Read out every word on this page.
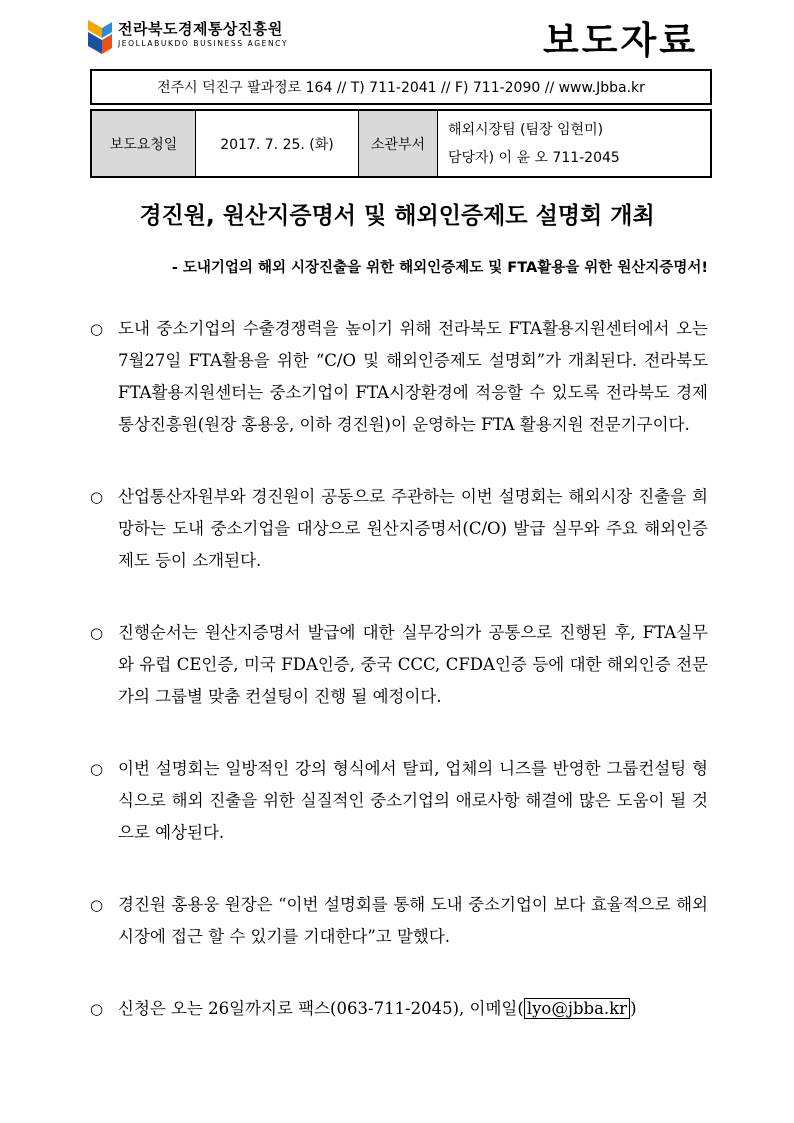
전라북도경제통상진흥원
JEOLLABUKDO BUSINESS AGENCY	보도자료
전주시 덕진구 팔과정로 164 // T) 711-2041 // F) 711-2090 // www.Jbba.kr
보도요청일	2017. 7. 25. (화)	소관부서
해외시장팀 (팀장 임현미)
담당자) 이 윤 오 711-2045
경진원, 원산지증명서 및 해외인증제도 설명회 개최
- 도내기업의 해외 시장진출을 위한 해외인증제도 및 FTA활용을 위한 원산지증명서!
○ 도내 중소기업의 수출경쟁력을 높이기 위해 전라북도 FTA활용지원센터에서 오는 7월27일 FTA활용을 위한 “C/O 및 해외인증제도 설명회”가 개최된다. 전라북도 FTA활용지원센터는 중소기업이 FTA시장환경에 적응할 수 있도록 전라북도 경제통상진흥원(원장 홍용웅, 이하 경진원)이 운영하는 FTA 활용지원 전문기구이다.

○ 산업통산자원부와 경진원이 공동으로 주관하는 이번 설명회는 해외시장 진출을 희망하는 도내 중소기업을 대상으로 원산지증명서(C/O) 발급 실무와 주요 해외인증제도 등이 소개된다.

○ 진행순서는 원산지증명서 발급에 대한 실무강의가 공통으로 진행된 후, FTA실무와 유럽 CE인증, 미국 FDA인증, 중국 CCC, CFDA인증 등에 대한 해외인증 전문가의 그룹별 맞춤 컨설팅이 진행 될 예정이다.

○ 이번 설명회는 일방적인 강의 형식에서 탈피, 업체의 니즈를 반영한 그룹컨설팅 형식으로 해외 진출을 위한 실질적인 중소기업의 애로사항 해결에 많은 도움이 될 것으로 예상된다.

○ 경진원 홍용웅 원장은 “이번 설명회를 통해 도내 중소기업이 보다 효율적으로 해외시장에 접근 할 수 있기를 기대한다”고 말했다.

○ 신청은 오는 26일까지로 팩스(063-711-2045), 이메일( lyo@jbba.kr )
